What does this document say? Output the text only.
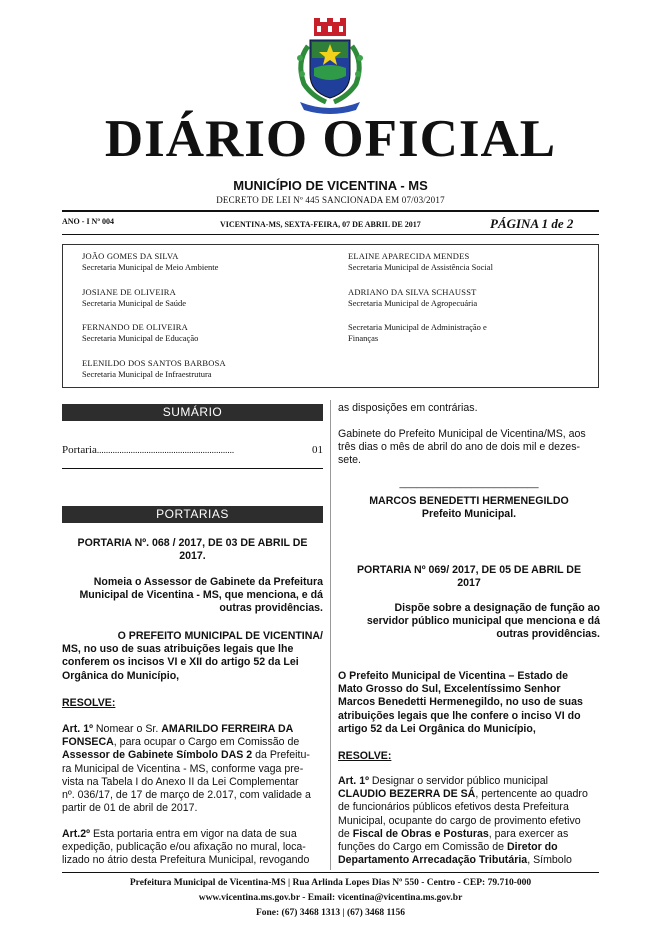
DIÁRIO OFICIAL
MUNICÍPIO DE VICENTINA - MS
DECRETO DE LEI Nº 445 SANCIONADA EM 07/03/2017
ANO - I Nº 004	VICENTINA-MS, SEXTA-FEIRA, 07 DE ABRIL DE 2017	PÁGINA 1 de 2
JOÃO GOMES DA SILVA
Secretaria Municipal de Meio Ambiente
JOSIANE DE OLIVEIRA
Secretaria Municipal de Saúde
FERNANDO DE OLIVEIRA
Secretaria Municipal de Educação
ELENILDO DOS SANTOS BARBOSA
Secretaria Municipal de Infraestrutura
ELAINE APARECIDA MENDES
Secretaria Municipal de Assistência Social
ADRIANO DA SILVA SCHAUSST
Secretaria Municipal de Agropecuária
Secretaria Municipal de Administração e
Finanças
SUMÁRIO
Portaria.............................................................	01
PORTARIAS

PORTARIA Nº. 068 / 2017, DE 03 DE ABRIL DE

2017.

Nomeia o Assessor de Gabinete da Prefeitura

Municipal de Vicentina - MS, que menciona, e dá

outras providências.

O PREFEITO MUNICIPAL DE VICENTINA/

MS, no uso de suas atribuições legais que lhe

conferem os incisos VI e XII do artigo 52 da Lei

Orgânica do Município,

RESOLVE:

Art. 1º Nomear o Sr. AMARILDO FERREIRA DA

FONSECA, para ocupar o Cargo em Comissão de

Assessor de Gabinete Símbolo DAS 2 da Prefeitu-

ra Municipal de Vicentina - MS, conforme vaga pre-

vista na Tabela I do Anexo II da Lei Complementar

nº. 036/17, de 17 de março de 2.017, com validade a

partir de 01 de abril de 2017.

Art.2º Esta portaria entra em vigor na data de sua

expedição, publicação e/ou afixação no mural, loca-

lizado no átrio desta Prefeitura Municipal, revogando

as disposições em contrárias.

Gabinete do Prefeito Municipal de Vicentina/MS, aos

três dias o mês de abril do ano de dois mil e dezes-

sete.

_________________________

MARCOS BENEDETTI HERMENEGILDO

Prefeito Municipal.

PORTARIA Nº 069/ 2017, DE 05 DE ABRIL DE

2017

Dispõe sobre a designação de função ao

servidor público municipal que menciona e dá

outras providências.

O Prefeito Municipal de Vicentina – Estado de

Mato Grosso do Sul, Excelentíssimo Senhor

Marcos Benedetti Hermenegildo, no uso de suas

atribuições legais que lhe confere o inciso VI do

artigo 52 da Lei Orgânica do Município,

RESOLVE:

Art. 1º Designar o servidor público municipal

CLAUDIO BEZERRA DE SÁ, pertencente ao quadro

de funcionários públicos efetivos desta Prefeitura

Municipal, ocupante do cargo de provimento efetivo

de Fiscal de Obras e Posturas, para exercer as

funções do Cargo em Comissão de Diretor do

Departamento Arrecadação Tributária, Símbolo

Prefeitura Municipal de Vicentina-MS | Rua Arlinda Lopes Dias Nº 550 - Centro - CEP: 79.710-000
www.vicentina.ms.gov.br - Email: vicentina@vicentina.ms.gov.br
Fone: (67) 3468 1313 | (67) 3468 1156
